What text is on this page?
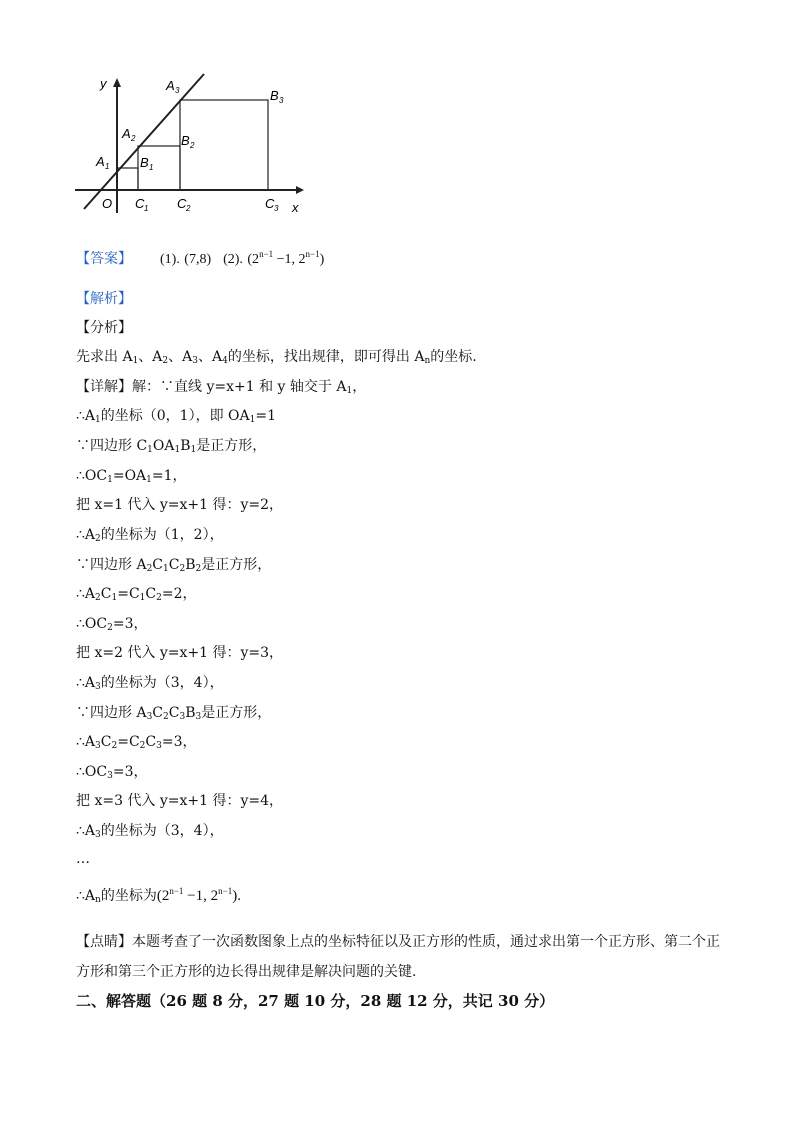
y
x
O
A 1
A 2
A 3
B 1
B 2
B 3
C 1 C 2	C 3
【答案】 (1). (7,8) (2). ($2^{n-1} -1$, $2^{n-1}$)
【解析】
【分析】
先求出 $A_1$、$A_2$、$A_3$、$A_4$的坐标，找出规律，即可得出 $A_n$的坐标.
【详解】解：∵直线 y=x+1 和 y 轴交于 $A_1$，
$\therefore A_1$的坐标（0，1），即 $OA_1=1$
∵四边形 $C_1OA_1B_1$是正方形，
$\therefore OC_1=OA_1=1$，
把 x=1 代入 y=x+1 得：y=2，
$\therefore A_2$的坐标为（1，2），
∵四边形 $A_2C_1C_2B_2$是正方形，
$\therefore A_2C_1=C_1C_2=2$，
$\therefore OC_2=3$，
把 x=2 代入 y=x+1 得：y=3，
$\therefore A_3$的坐标为（3，4），
∵四边形 $A_3C_2C_3B_3$是正方形，
$\therefore A_3C_2=C_2C_3=3$，
$\therefore OC_3=3$，
把 x=3 代入 y=x+1 得：y=4，
$\therefore A_3$的坐标为（3，4），
…
$\therefore A_n$的坐标为($2^{n-1} -1$, $2^{n-1}$).
【点睛】本题考查了一次函数图象上点的坐标特征以及正方形的性质，通过求出第一个正方形、第二个正
方形和第三个正方形的边长得出规律是解决问题的关键.
二、解答题（26 题 8 分，27 题 10 分，28 题 12 分，共记 30 分）
